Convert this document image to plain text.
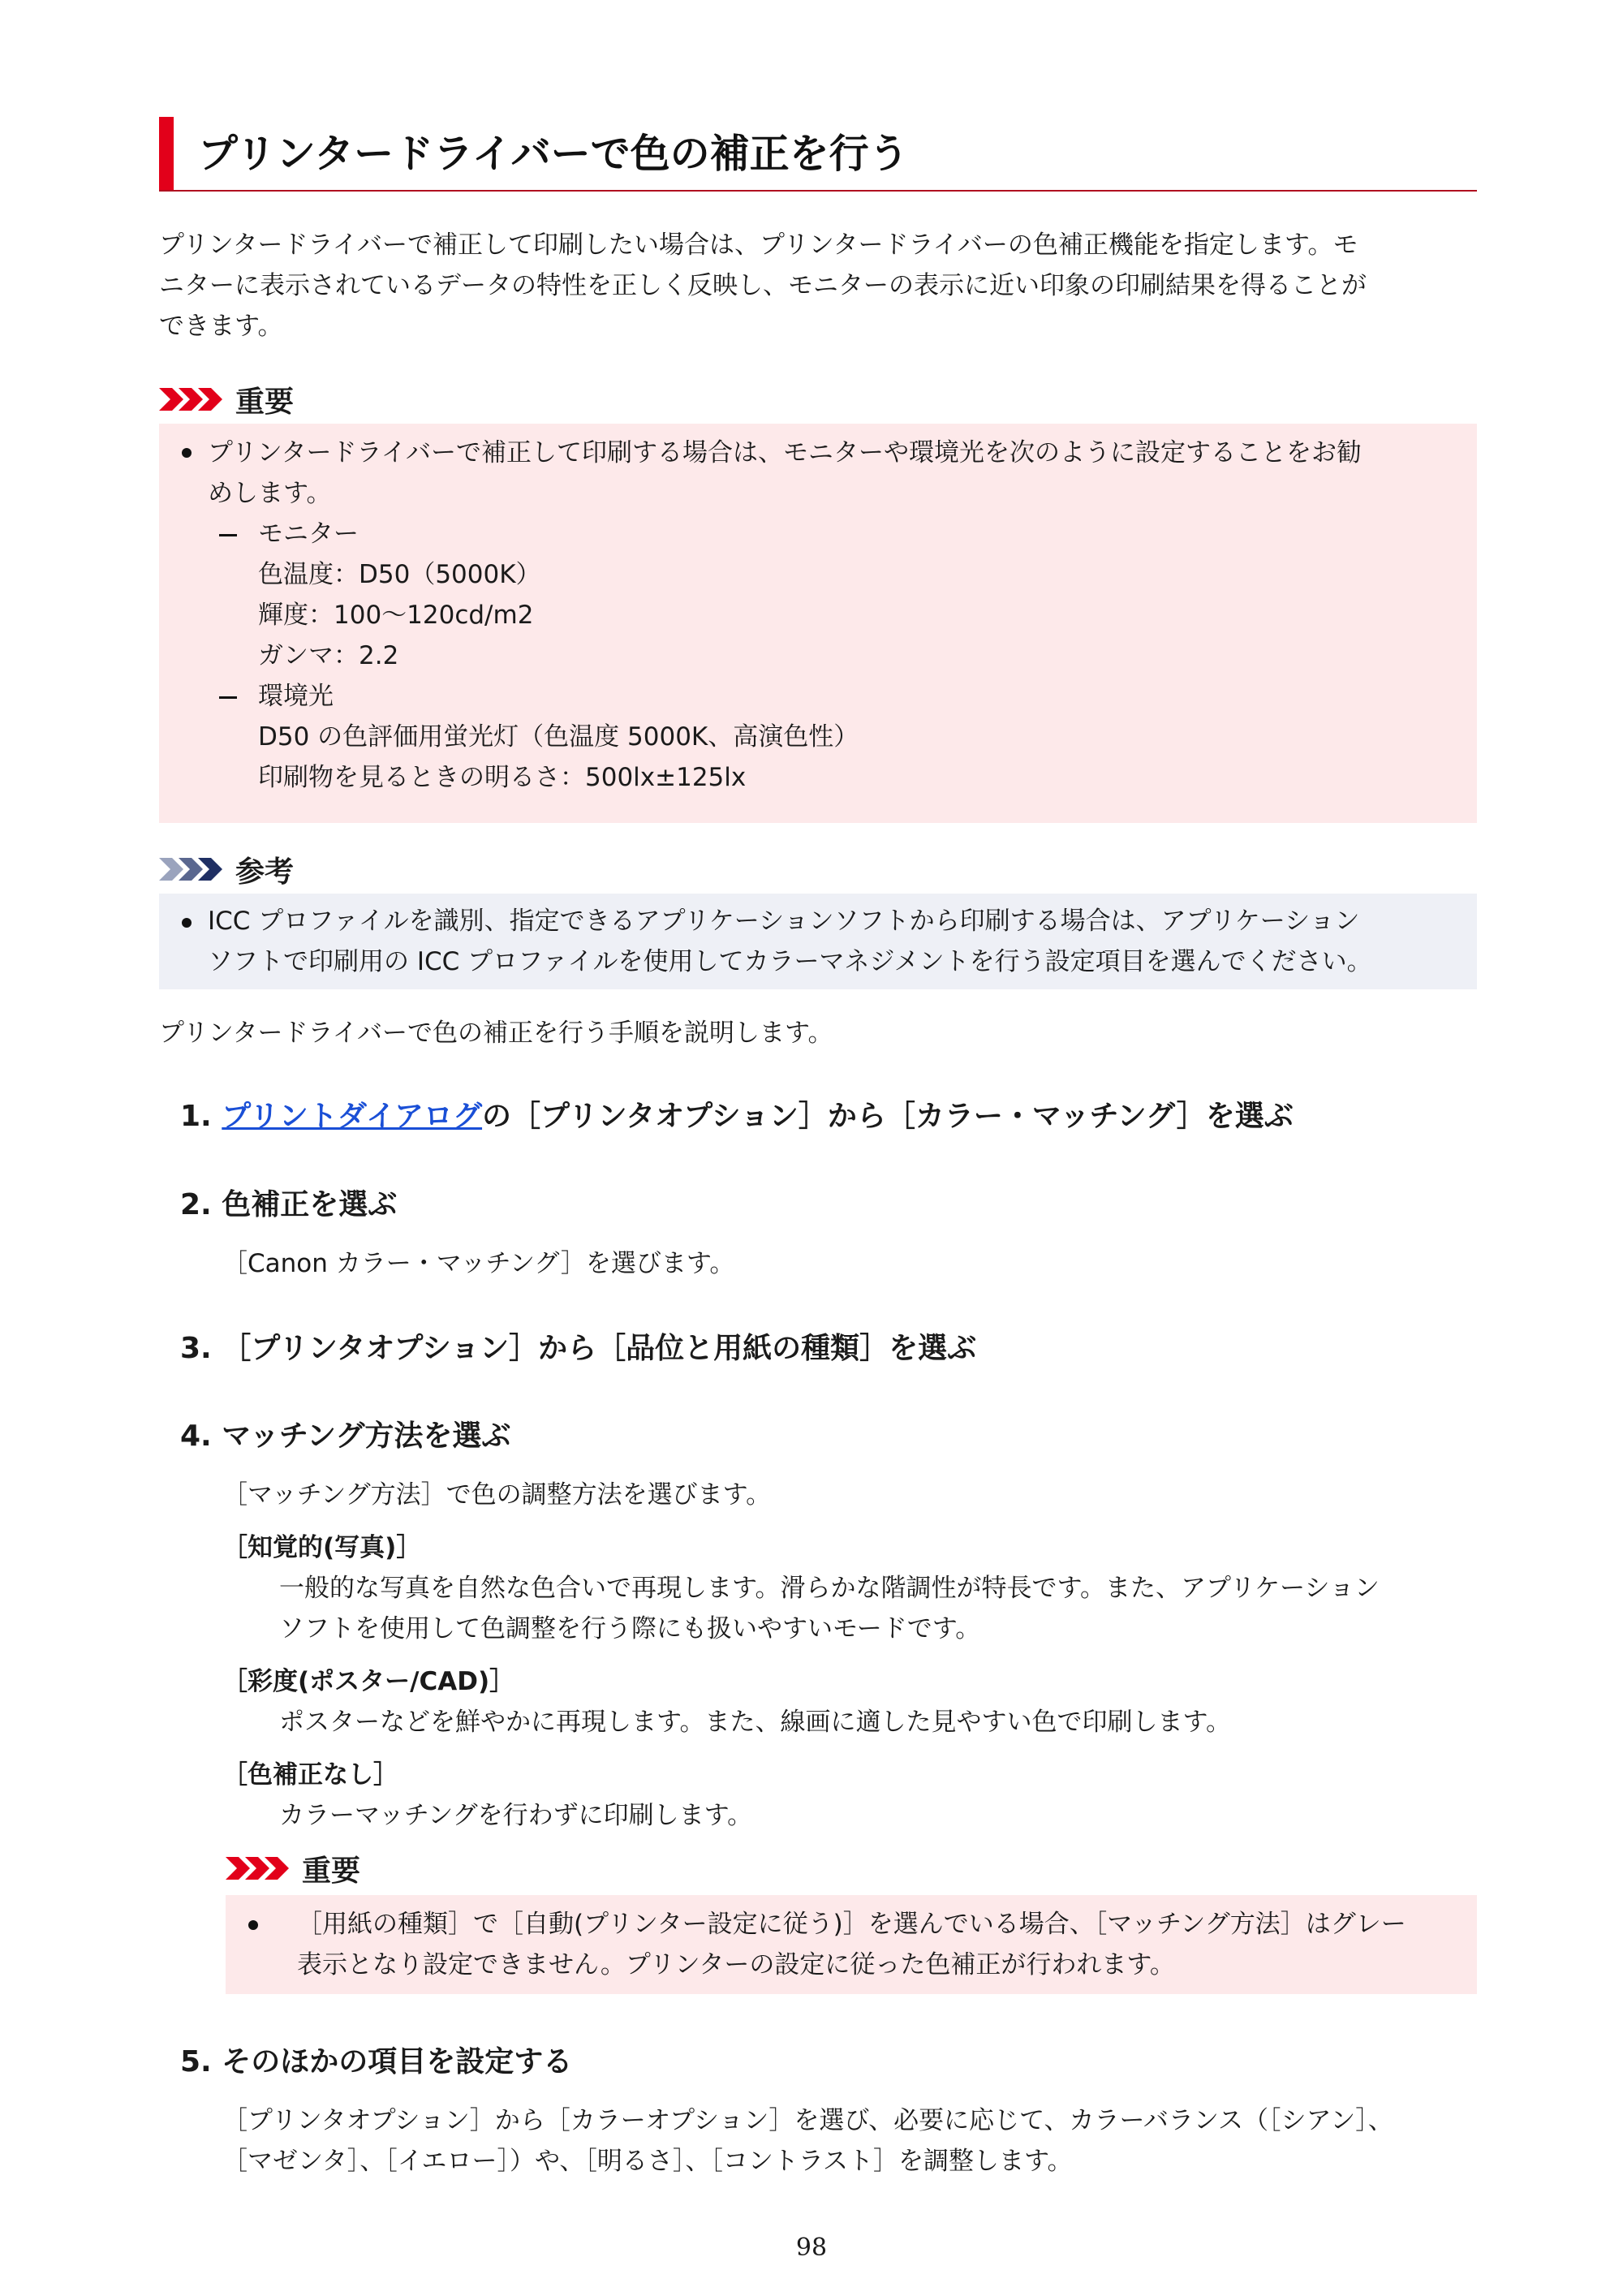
プリンタードライバーで色の補正を行う
プリンタードライバーで補正して印刷したい場合は、プリンタードライバーの色補正機能を指定します。モ
ニターに表示されているデータの特性を正しく反映し、モニターの表示に近い印象の印刷結果を得ることが
できます。
重要
プリンタードライバーで補正して印刷する場合は、モニターや環境光を次のように設定することをお勧
めします。
モニター
色温度：D50（5000K）
輝度：100～120cd/m2
ガンマ：2.2
環境光
D50 の色評価用蛍光灯（色温度 5000K、高演色性）
印刷物を見るときの明るさ：500lx±125lx
参考
ICC プロファイルを識別、指定できるアプリケーションソフトから印刷する場合は、アプリケーション
ソフトで印刷用の ICC プロファイルを使用してカラーマネジメントを行う設定項目を選んでください。
プリンタードライバーで色の補正を行う手順を説明します。
1. プリントダイアログの［プリンタオプション］から［カラー・マッチング］を選ぶ
2. 色補正を選ぶ
［Canon カラー・マッチング］を選びます。
3. ［プリンタオプション］から［品位と用紙の種類］を選ぶ
4. マッチング方法を選ぶ
［マッチング方法］で色の調整方法を選びます。
［知覚的(写真)］
一般的な写真を自然な色合いで再現します。滑らかな階調性が特長です。また、アプリケーション
ソフトを使用して色調整を行う際にも扱いやすいモードです。
［彩度(ポスター/CAD)］
ポスターなどを鮮やかに再現します。また、線画に適した見やすい色で印刷します。
［色補正なし］
カラーマッチングを行わずに印刷します。
重要
［用紙の種類］で［自動(プリンター設定に従う)］を選んでいる場合、［マッチング方法］はグレー
表示となり設定できません。プリンターの設定に従った色補正が行われます。
5. そのほかの項目を設定する
［プリンタオプション］から［カラーオプション］を選び、必要に応じて、カラーバランス（［シアン］、
［マゼンタ］、［イエロー］）や、［明るさ］、［コントラスト］を調整します。
98
